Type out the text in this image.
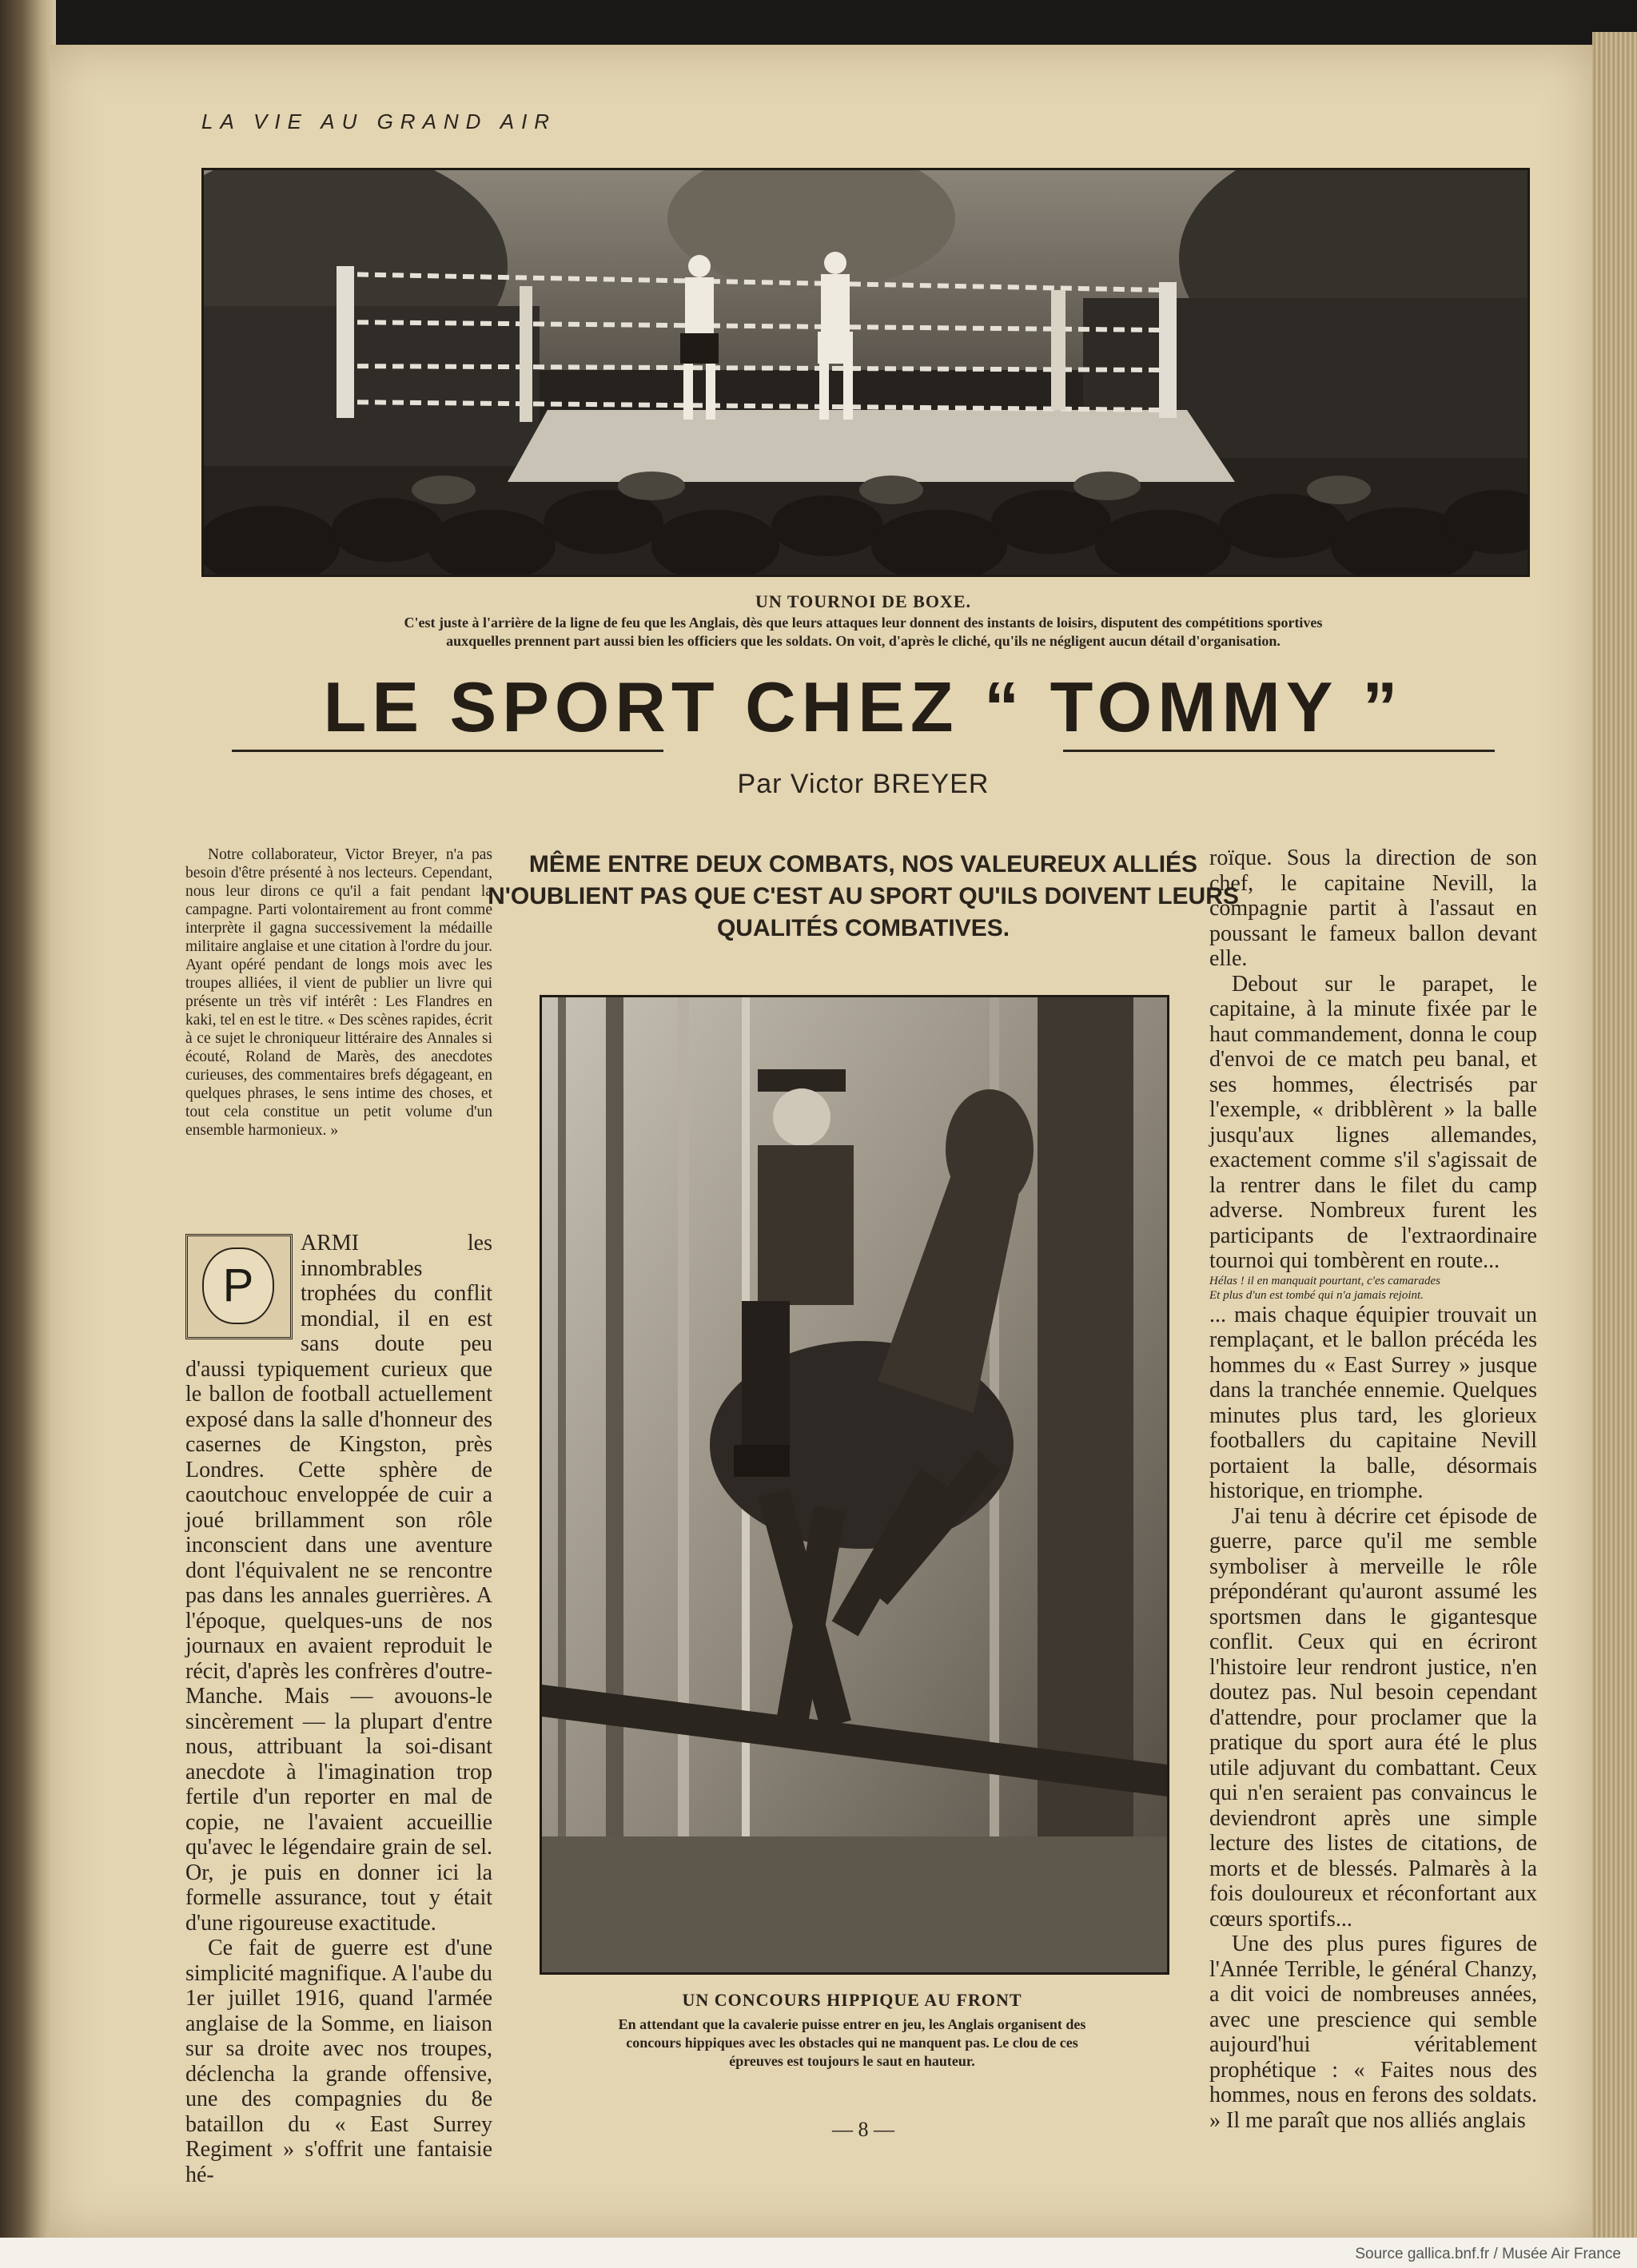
LA VIE AU GRAND AIR
UN TOURNOI DE BOXE.
C'est juste à l'arrière de la ligne de feu que les Anglais, dès que leurs attaques leur donnent des instants de loisirs, disputent des compétitions sportives
auxquelles prennent part aussi bien les officiers que les soldats. On voit, d'après le cliché, qu'ils ne négligent aucun détail d'organisation.
LE SPORT CHEZ “ TOMMY ”
Par Victor BREYER
MÊME ENTRE DEUX COMBATS, NOS VALEUREUX ALLIÉS N'OUBLIENT PAS QUE C'EST AU SPORT QU'ILS DOIVENT LEURS QUALITÉS COMBATIVES.
Notre collaborateur, Victor Breyer, n'a pas besoin d'être présenté à nos lecteurs. Cependant, nous leur dirons ce qu'il a fait pendant la campagne. Parti volontairement au front comme interprète il gagna successivement la médaille militaire anglaise et une citation à l'ordre du jour. Ayant opéré pendant de longs mois avec les troupes alliées, il vient de publier un livre qui présente un très vif intérêt : Les Flandres en kaki, tel en est le titre. « Des scènes rapides, écrit à ce sujet le chroniqueur littéraire des Annales si écouté, Roland de Marès, des anecdotes curieuses, des commentaires brefs dégageant, en quelques phrases, le sens intime des choses, et tout cela constitue un petit volume d'un ensemble harmonieux. »
P

ARMI les innombrables trophées du conflit mondial, il en est sans doute peu d'aussi typiquement curieux que le ballon de football actuellement exposé dans la salle d'honneur des casernes de Kingston, près Londres. Cette sphère de caoutchouc enveloppée de cuir a joué brillamment son rôle inconscient dans une aventure dont l'équivalent ne se rencontre pas dans les annales guerrières. A l'époque, quelques-uns de nos journaux en avaient reproduit le récit, d'après les confrères d'outre-Manche. Mais — avouons-le sincèrement — la plupart d'entre nous, attribuant la soi-disant anecdote à l'imagination trop fertile d'un reporter en mal de copie, ne l'avaient accueillie qu'avec le légendaire grain de sel. Or, je puis en donner ici la formelle assurance, tout y était d'une rigoureuse exactitude.

Ce fait de guerre est d'une simplicité magnifique. A l'aube du 1er juillet 1916, quand l'armée anglaise de la Somme, en liaison sur sa droite avec nos troupes, déclencha la grande offensive, une des compagnies du 8e bataillon du « East Surrey Regiment » s'offrit une fantaisie hé-

UN CONCOURS HIPPIQUE AU FRONT
En attendant que la cavalerie puisse entrer en jeu, les Anglais organisent des
concours hippiques avec les obstacles qui ne manquent pas. Le clou de ces
épreuves est toujours le saut en hauteur.

roïque. Sous la direction de son chef, le capitaine Nevill, la compagnie partit à l'assaut en poussant le fameux ballon devant elle.

Debout sur le parapet, le capitaine, à la minute fixée par le haut commandement, donna le coup d'envoi de ce match peu banal, et ses hommes, électrisés par l'exemple, « dribblèrent » la balle jusqu'aux lignes allemandes, exactement comme s'il s'agissait de la rentrer dans le filet du camp adverse. Nombreux furent les participants de l'extraordinaire tournoi qui tombèrent en route...

Hélas ! il en manquait pourtant, c'es camarades

Et plus d'un est tombé qui n'a jamais rejoint.

... mais chaque équipier trouvait un remplaçant, et le ballon précéda les hommes du « East Surrey » jusque dans la tranchée ennemie. Quelques minutes plus tard, les glorieux footballers du capitaine Nevill portaient la balle, désormais historique, en triomphe.

J'ai tenu à décrire cet épisode de guerre, parce qu'il me semble symboliser à merveille le rôle prépondérant qu'auront assumé les sportsmen dans le gigantesque conflit. Ceux qui en écriront l'histoire leur rendront justice, n'en doutez pas. Nul besoin cependant d'attendre, pour proclamer que la pratique du sport aura été le plus utile adjuvant du combattant. Ceux qui n'en seraient pas convaincus le deviendront après une simple lecture des listes de citations, de morts et de blessés. Palmarès à la fois douloureux et réconfortant aux cœurs sportifs...

Une des plus pures figures de l'Année Terrible, le général Chanzy, a dit voici de nombreuses années, avec une prescience qui semble aujourd'hui véritablement prophétique : « Faites nous des hommes, nous en ferons des soldats. » Il me paraît que nos alliés anglais

— 8 —
Source gallica.bnf.fr / Musée Air France
